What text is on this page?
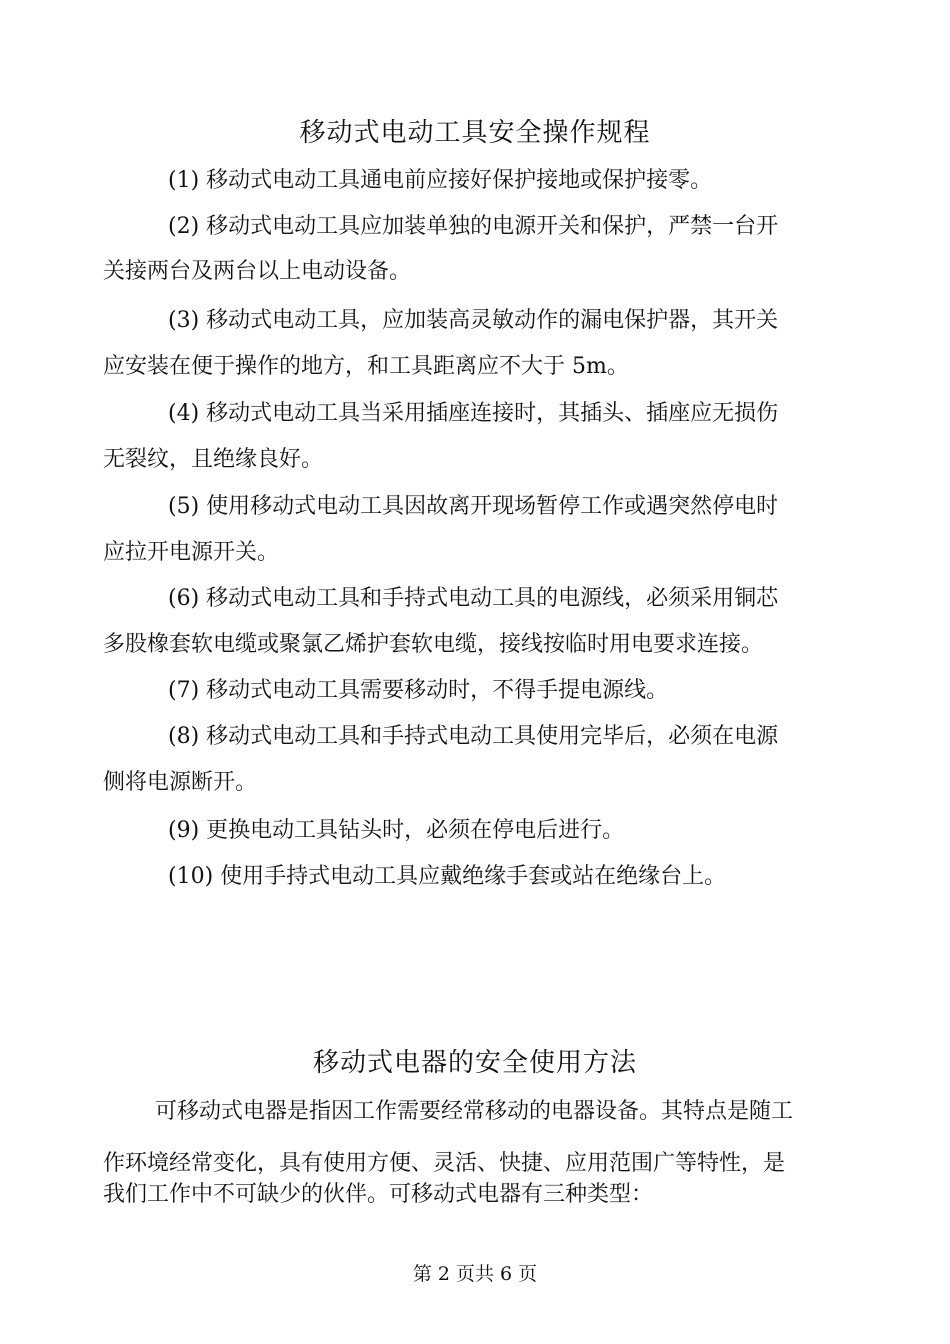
移动式电动工具安全操作规程
(1) 移动式电动工具通电前应接好保护接地或保护接零。
(2) 移动式电动工具应加装单独的电源开关和保护，严禁一台开
关接两台及两台以上电动设备。
(3) 移动式电动工具，应加装高灵敏动作的漏电保护器，其开关
应安装在便于操作的地方，和工具距离应不大于 5m。
(4) 移动式电动工具当采用插座连接时，其插头、插座应无损伤
无裂纹，且绝缘良好。
(5) 使用移动式电动工具因故离开现场暂停工作或遇突然停电时
应拉开电源开关。
(6) 移动式电动工具和手持式电动工具的电源线，必须采用铜芯
多股橡套软电缆或聚氯乙烯护套软电缆，接线按临时用电要求连接。
(7) 移动式电动工具需要移动时，不得手提电源线。
(8) 移动式电动工具和手持式电动工具使用完毕后，必须在电源
侧将电源断开。
(9) 更换电动工具钻头时，必须在停电后进行。
(10) 使用手持式电动工具应戴绝缘手套或站在绝缘台上。
移动式电器的安全使用方法
可移动式电器是指因工作需要经常移动的电器设备。其特点是随工
作环境经常变化，具有使用方便、灵活、快捷、应用范围广等特性，是
我们工作中不可缺少的伙伴。可移动式电器有三种类型：
第 2 页共 6 页
